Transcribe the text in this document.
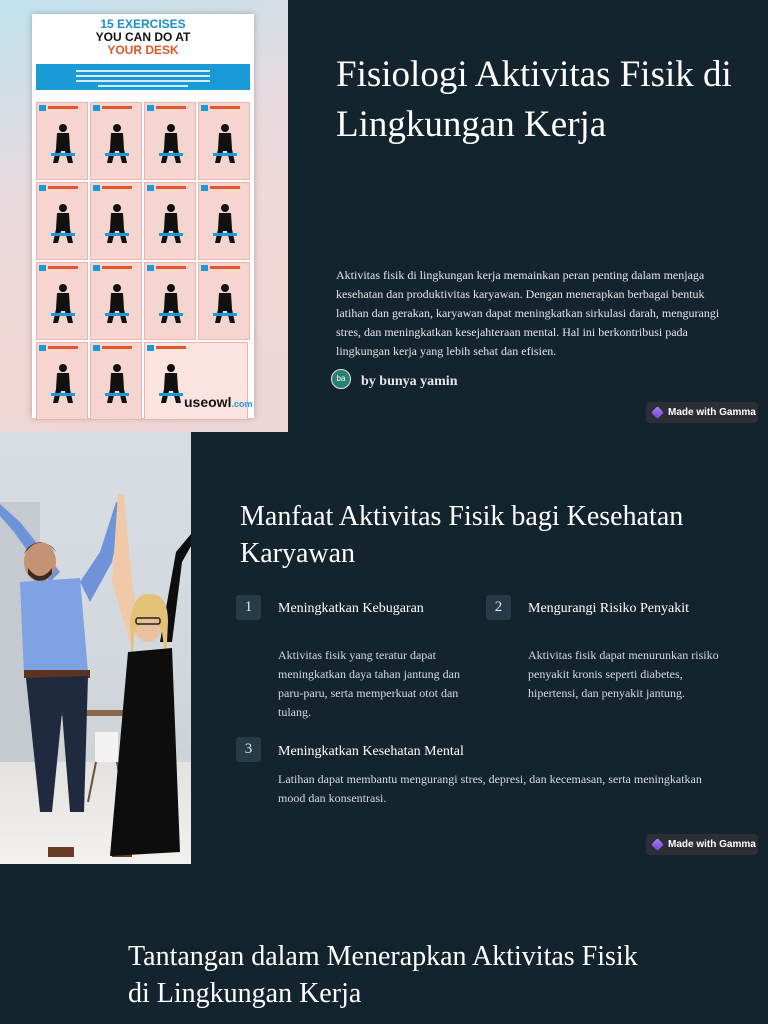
15 EXERCISES
YOU CAN DO AT
YOUR DESK
useowl.com
Fisiologi Aktivitas Fisik di Lingkungan Kerja

Aktivitas fisik di lingkungan kerja memainkan peran penting dalam menjaga kesehatan dan produktivitas karyawan. Dengan menerapkan berbagai bentuk latihan dan gerakan, karyawan dapat meningkatkan sirkulasi darah, mengurangi stres, dan meningkatkan kesejahteraan mental. Hal ini berkontribusi pada lingkungan kerja yang lebih sehat dan efisien.

ba	by bunya yamin
Made with Gamma
Manfaat Aktivitas Fisik bagi Kesehatan Karyawan
1	Meningkatkan Kebugaran

Aktivitas fisik yang teratur dapat meningkatkan daya tahan jantung dan paru-paru, serta memperkuat otot dan tulang.

2	Mengurangi Risiko Penyakit

Aktivitas fisik dapat menurunkan risiko penyakit kronis seperti diabetes, hipertensi, dan penyakit jantung.

3	Meningkatkan Kesehatan Mental

Latihan dapat membantu mengurangi stres, depresi, dan kecemasan, serta meningkatkan mood dan konsentrasi.

Made with Gamma
Tantangan dalam Menerapkan Aktivitas Fisik di Lingkungan Kerja
